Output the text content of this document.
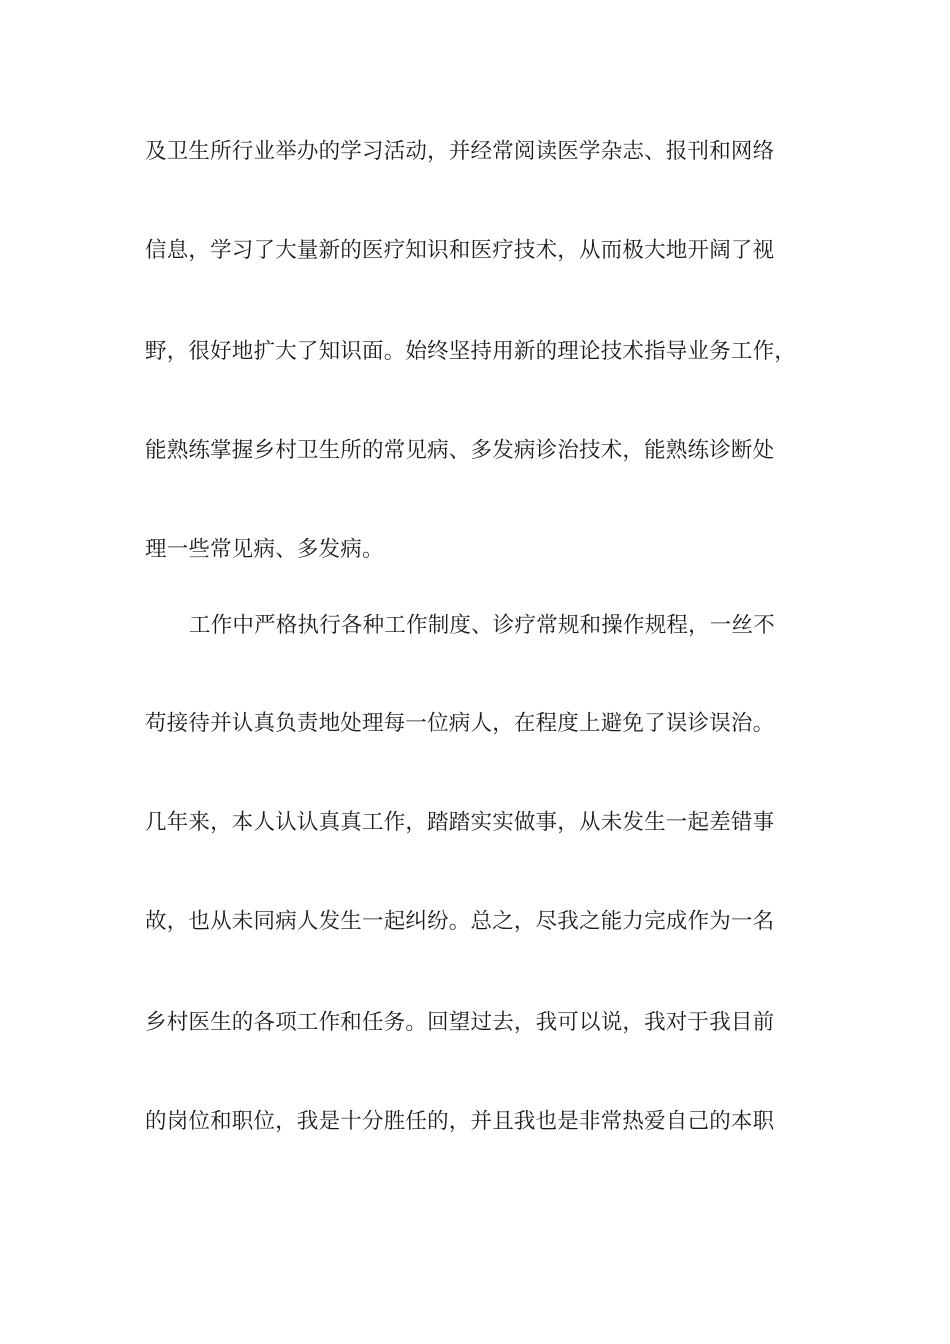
及卫生所行业举办的学习活动，并经常阅读医学杂志、报刊和网络
信息，学习了大量新的医疗知识和医疗技术，从而极大地开阔了视
野，很好地扩大了知识面。始终坚持用新的理论技术指导业务工作，
能熟练掌握乡村卫生所的常见病、多发病诊治技术，能熟练诊断处
理一些常见病、多发病。
工作中严格执行各种工作制度、诊疗常规和操作规程，一丝不
苟接待并认真负责地处理每一位病人，在程度上避免了误诊误治。
几年来，本人认认真真工作，踏踏实实做事，从未发生一起差错事
故，也从未同病人发生一起纠纷。总之，尽我之能力完成作为一名
乡村医生的各项工作和任务。回望过去，我可以说，我对于我目前
的岗位和职位，我是十分胜任的，并且我也是非常热爱自己的本职
